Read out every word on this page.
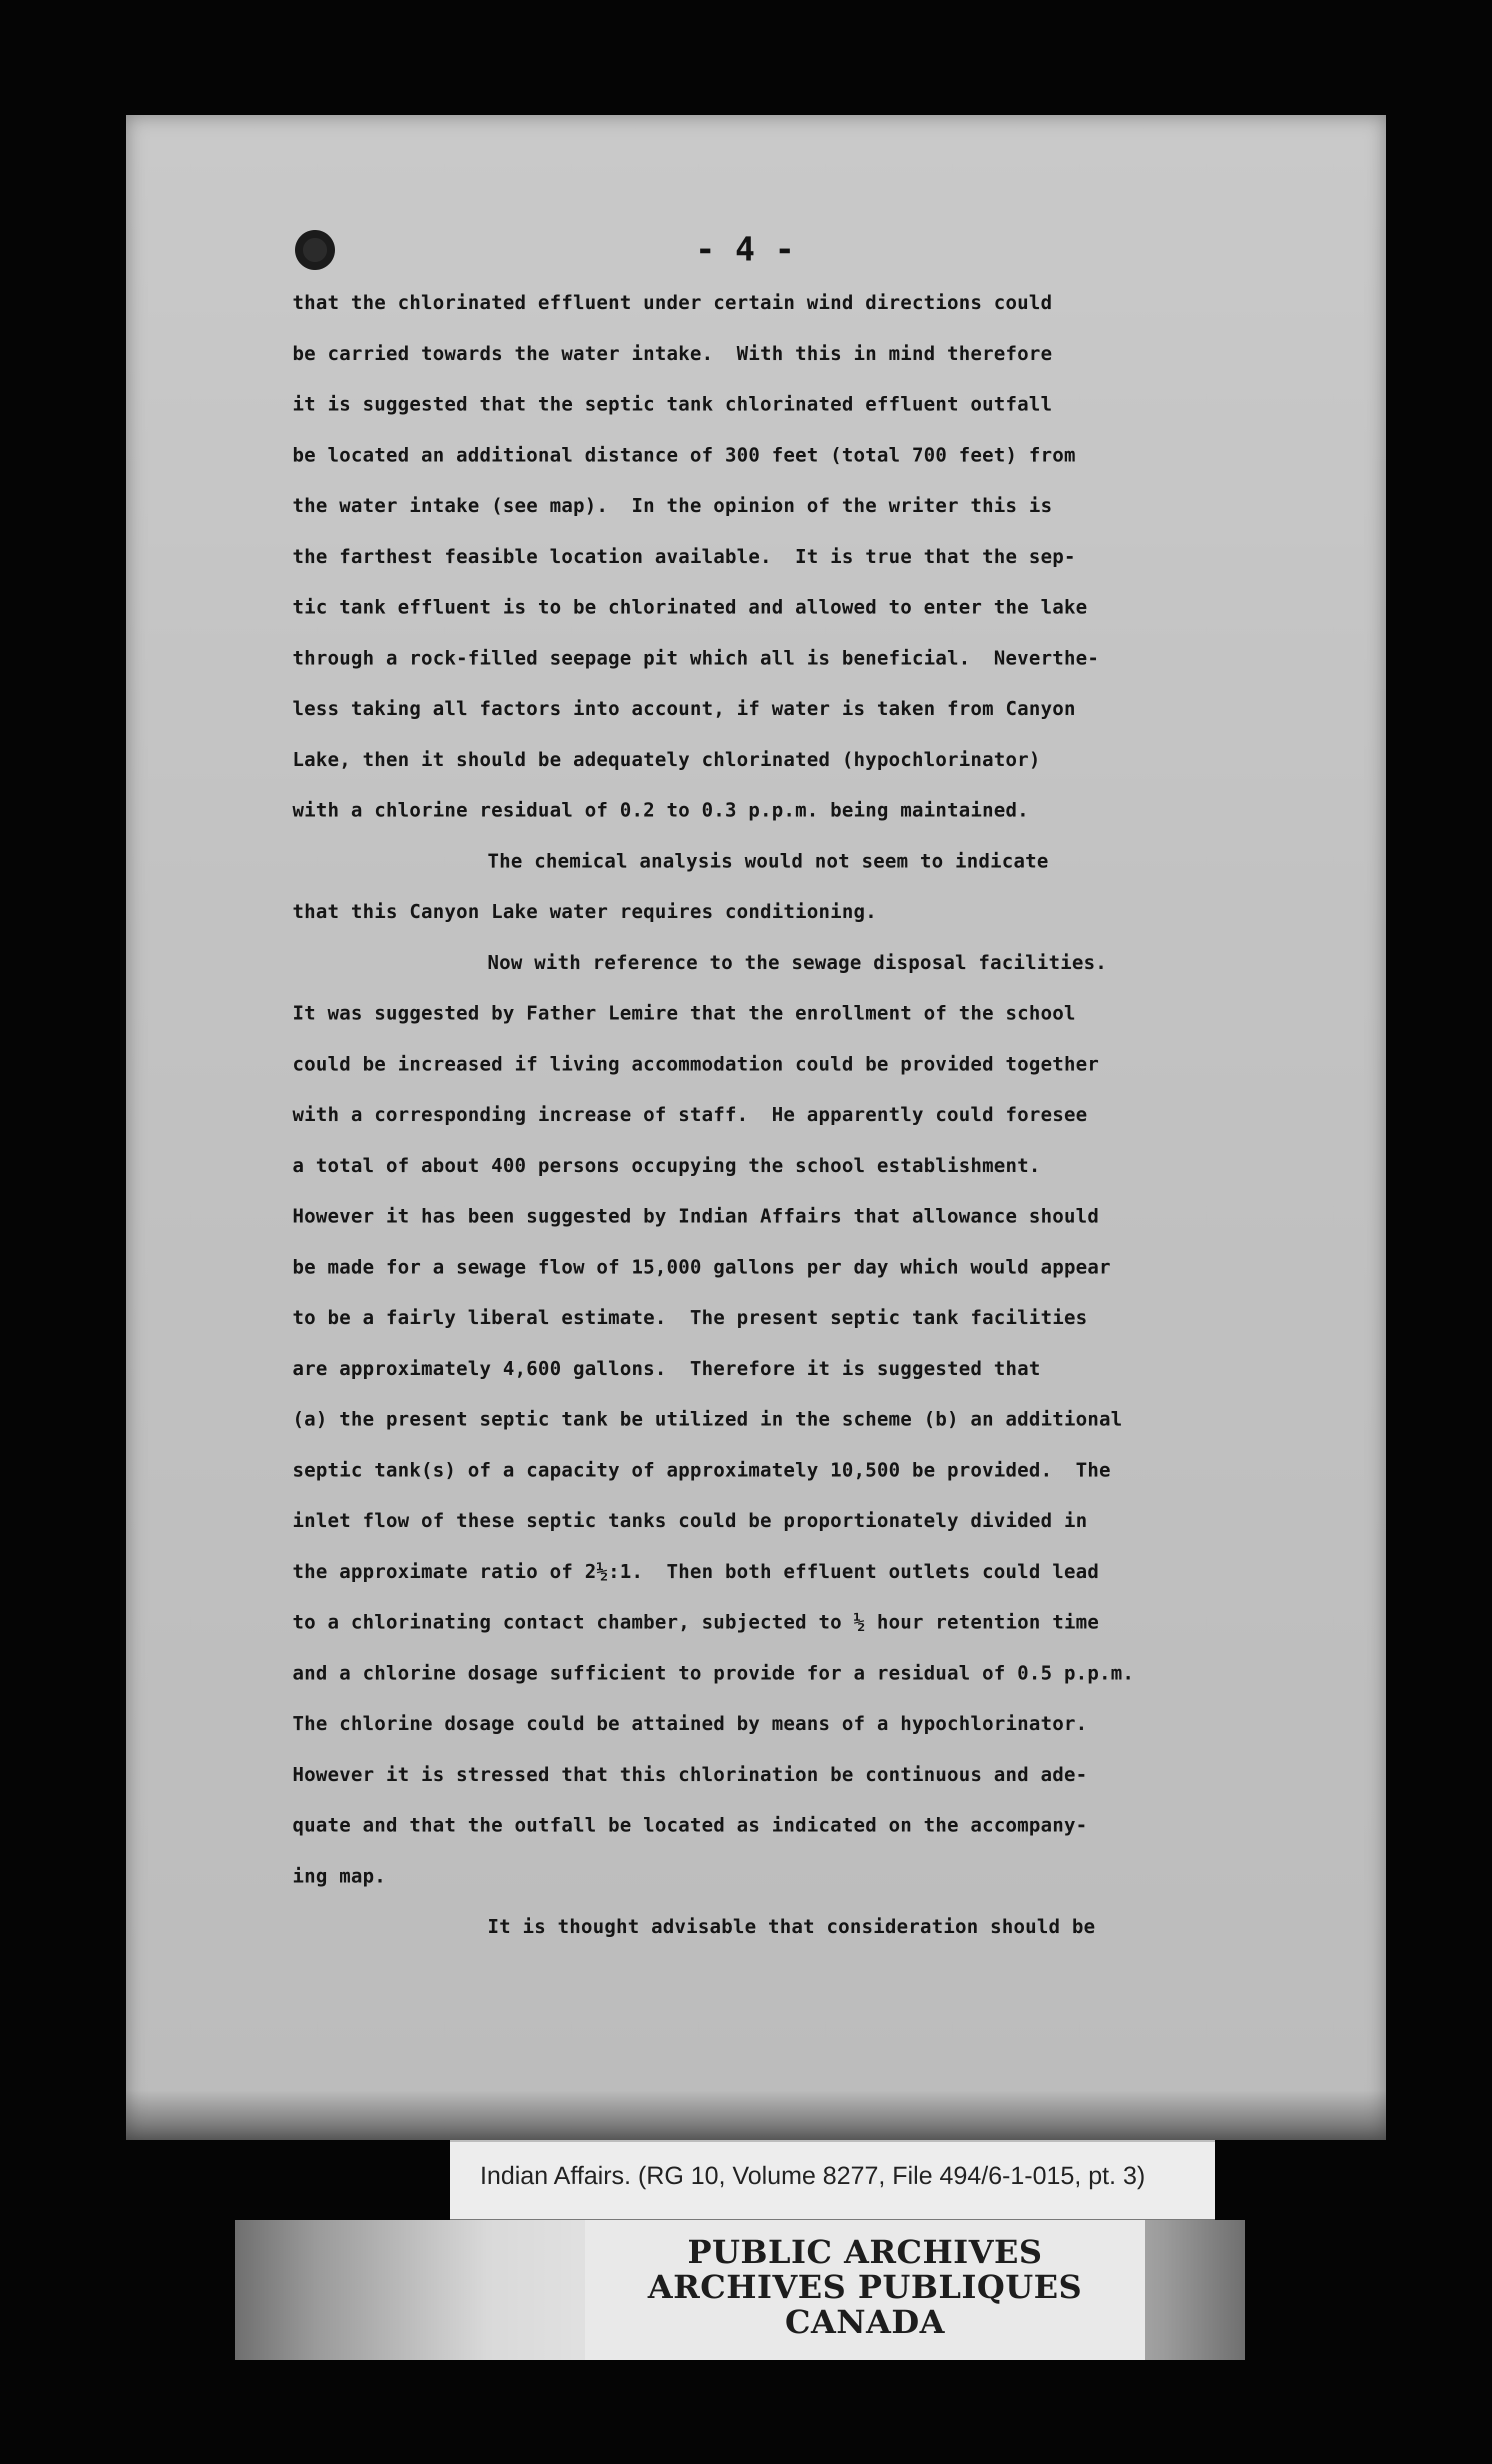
- 4 -
that the chlorinated effluent under certain wind directions could
be carried towards the water intake.  With this in mind therefore
it is suggested that the septic tank chlorinated effluent outfall
be located an additional distance of 300 feet (total 700 feet) from
the water intake (see map).  In the opinion of the writer this is
the farthest feasible location available.  It is true that the sep-
tic tank effluent is to be chlorinated and allowed to enter the lake
through a rock-filled seepage pit which all is beneficial.  Neverthe-
less taking all factors into account, if water is taken from Canyon
Lake, then it should be adequately chlorinated (hypochlorinator)
with a chlorine residual of 0.2 to 0.3 p.p.m. being maintained.
The chemical analysis would not seem to indicate
that this Canyon Lake water requires conditioning.
Now with reference to the sewage disposal facilities.
It was suggested by Father Lemire that the enrollment of the school
could be increased if living accommodation could be provided together
with a corresponding increase of staff.  He apparently could foresee
a total of about 400 persons occupying the school establishment.
However it has been suggested by Indian Affairs that allowance should
be made for a sewage flow of 15,000 gallons per day which would appear
to be a fairly liberal estimate.  The present septic tank facilities
are approximately 4,600 gallons.  Therefore it is suggested that
(a) the present septic tank be utilized in the scheme (b) an additional
septic tank(s) of a capacity of approximately 10,500 be provided.  The
inlet flow of these septic tanks could be proportionately divided in
the approximate ratio of 2½:1.  Then both effluent outlets could lead
to a chlorinating contact chamber, subjected to ½ hour retention time
and a chlorine dosage sufficient to provide for a residual of 0.5 p.p.m.
The chlorine dosage could be attained by means of a hypochlorinator.
However it is stressed that this chlorination be continuous and ade-
quate and that the outfall be located as indicated on the accompany-
ing map.
It is thought advisable that consideration should be
Indian Affairs. (RG 10, Volume 8277, File 494/6-1-015, pt. 3)
PUBLIC ARCHIVES
ARCHIVES PUBLIQUES
CANADA
